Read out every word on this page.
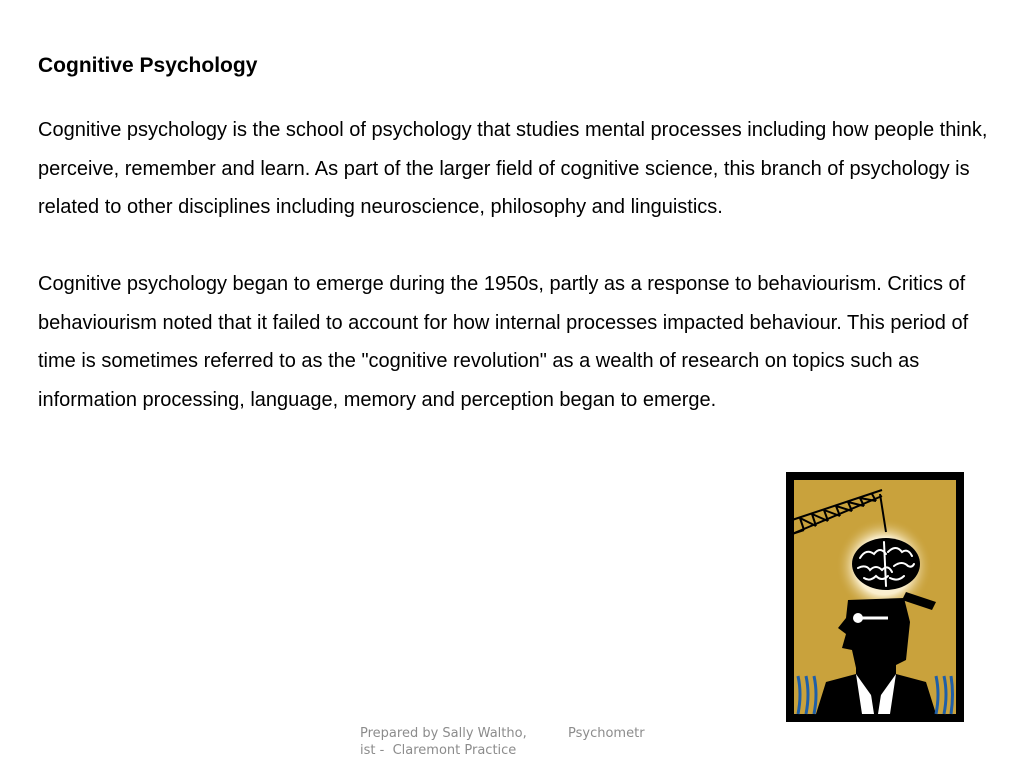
Cognitive Psychology

Cognitive psychology is the school of psychology that studies mental processes including how people think, perceive, remember and learn. As part of the larger field of cognitive science, this branch of psychology is related to other disciplines including neuroscience, philosophy and linguistics.

Cognitive psychology began to emerge during the 1950s, partly as a response to behaviourism. Critics of behaviourism noted that it failed to account for how internal processes impacted behaviour. This period of time is sometimes referred to as the "cognitive revolution" as a wealth of research on topics such as information processing, language, memory and perception began to emerge.

Prepared by Sally Waltho,          Psychometr
ist -  Claremont Practice
